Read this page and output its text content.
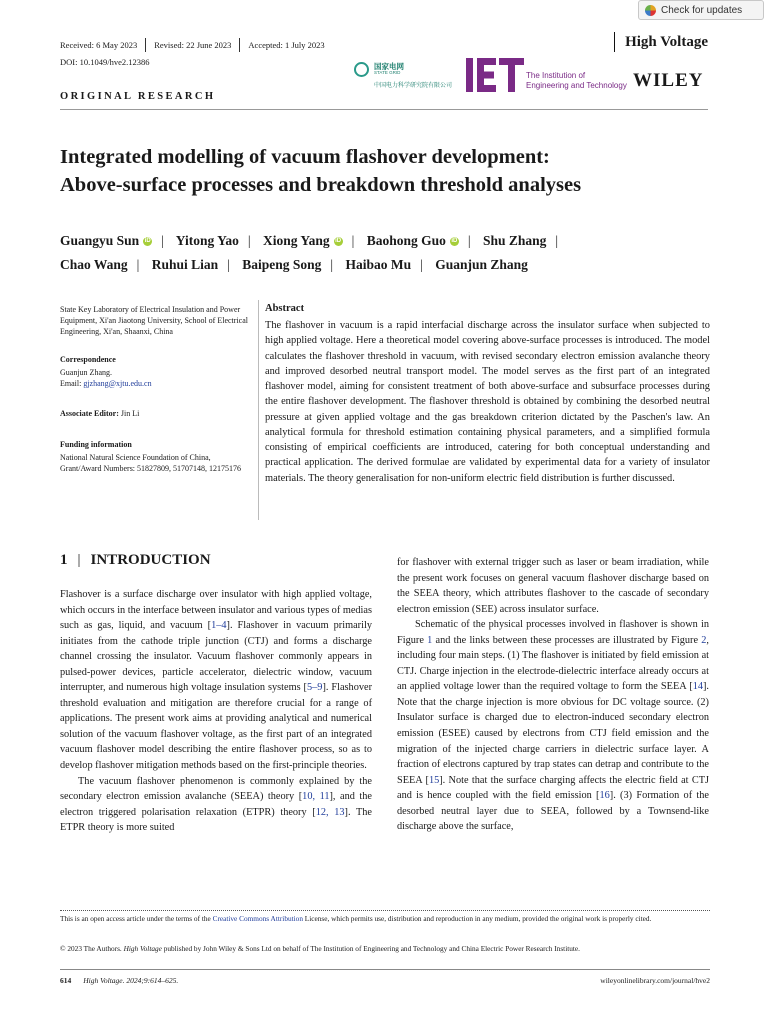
Check for updates
Received: 6 May 2023	Revised: 22 June 2023	Accepted: 1 July 2023	High Voltage
DOI: 10.1049/hve2.12386
ORIGINAL RESEARCH
国家电网
STATE GRID
中国电力科学研究院有限公司
The Institution of
Engineering and Technology WILEY
Integrated modelling of vacuum flashover development:
Above-surface processes and breakdown threshold analyses
Guangyu Sun iD | Yitong Yao | Xiong Yang iD | Baohong Guo iD | Shu Zhang |
Chao Wang | Ruhui Lian | Baipeng Song | Haibao Mu | Guanjun Zhang
State Key Laboratory of Electrical Insulation and Power Equipment, Xi'an Jiaotong University, School of Electrical Engineering, Xi'an, Shaanxi, China
Correspondence
Guanjun Zhang.
Email: gjzhang@xjtu.edu.cn
Associate Editor: Jin Li
Funding information
National Natural Science Foundation of China, Grant/Award Numbers: 51827809, 51707148, 12175176
Abstract
The flashover in vacuum is a rapid interfacial discharge across the insulator surface when subjected to high applied voltage. Here a theoretical model covering above-surface processes is introduced. The model calculates the flashover threshold in vacuum, with revised secondary electron emission avalanche theory and improved desorbed neutral transport model. The model serves as the first part of an integrated flashover model, aiming for consistent treatment of both above-surface and subsurface processes during the entire flashover development. The flashover threshold is obtained by combining the desorbed neutral pressure at given applied voltage and the gas breakdown criterion dictated by the Paschen's law. An analytical formula for threshold estimation containing physical parameters, and a simplified formula consisting of empirical coefficients are introduced, catering for both conceptual understanding and practical application. The derived formulae are validated by experimental data for a variety of insulator materials. The theory generalisation for non-uniform electric field distribution is further discussed.
1 | INTRODUCTION

Flashover is a surface discharge over insulator with high applied voltage, which occurs in the interface between insulator and various types of medias such as gas, liquid, and vacuum [1–4]. Flashover in vacuum primarily initiates from the cathode triple junction (CTJ) and forms a discharge channel crossing the insulator. Vacuum flashover commonly appears in pulsed-power devices, particle accelerator, dielectric window, vacuum interrupter, and numerous high voltage insulation systems [5–9]. Flashover threshold evaluation and mitigation are therefore crucial for a range of applications. The present work aims at providing analytical and numerical solution of the vacuum flashover voltage, as the first part of an integrated vacuum flashover model describing the entire flashover process, so as to develop flashover mitigation methods based on the first-principle theories.

The vacuum flashover phenomenon is commonly explained by the secondary electron emission avalanche (SEEA) theory [10, 11], and the electron triggered polarisation relaxation (ETPR) theory [12, 13]. The ETPR theory is more suited

for flashover with external trigger such as laser or beam irradiation, while the present work focuses on general vacuum flashover discharge based on the SEEA theory, which attributes flashover to the cascade of secondary electron emission (SEE) across insulator surface.

Schematic of the physical processes involved in flashover is shown in Figure 1 and the links between these processes are illustrated by Figure 2, including four main steps. (1) The flashover is initiated by field emission at CTJ. Charge injection in the electrode-dielectric interface already occurs at an applied voltage lower than the required voltage to form the SEEA [14]. Note that the charge injection is more obvious for DC voltage source. (2) Insulator surface is charged due to electron-induced secondary electron emission (ESEE) caused by electrons from CTJ field emission and the migration of the injected charge carriers in dielectric surface layer. A fraction of electrons captured by trap states can detrap and contribute to the SEEA [15]. Note that the surface charging affects the electric field at CTJ and is hence coupled with the field emission [16]. (3) Formation of the desorbed neutral layer due to SEEA, followed by a Townsend-like discharge above the surface,

This is an open access article under the terms of the Creative Commons Attribution License, which permits use, distribution and reproduction in any medium, provided the original work is properly cited.
© 2023 The Authors. High Voltage published by John Wiley & Sons Ltd on behalf of The Institution of Engineering and Technology and China Electric Power Research Institute.
614 High Voltage. 2024;9:614–625.	wileyonlinelibrary.com/journal/hve2
